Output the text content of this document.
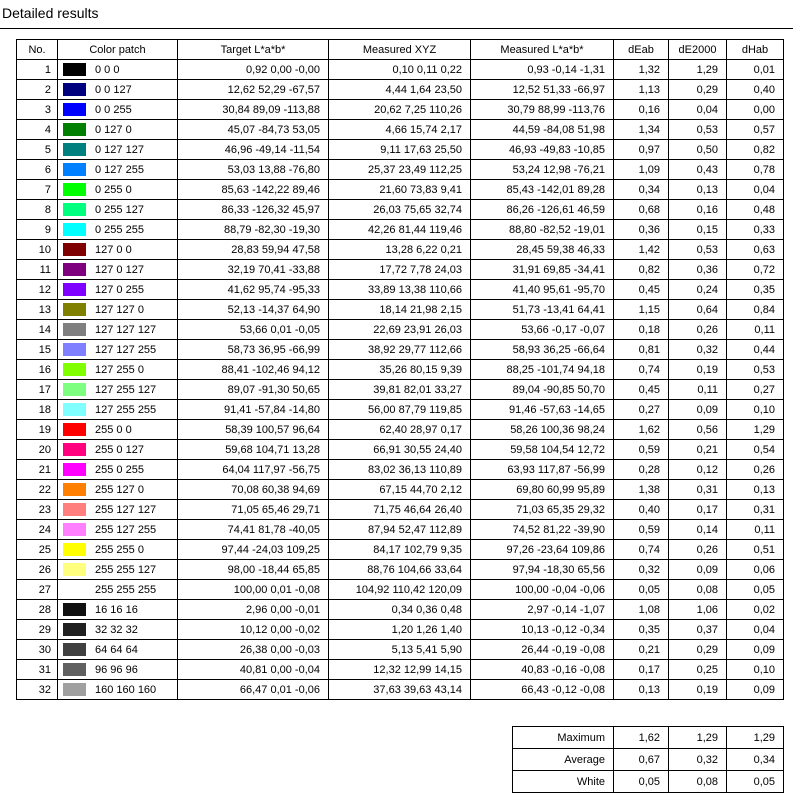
Detailed results
No.	Color patch	Target L*a*b*	Measured XYZ	Measured L*a*b*	dEab	dE2000	dHab
1	0 0 0	0,92 0,00 -0,00	0,10 0,11 0,22	0,93 -0,14 -1,31	1,32	1,29	0,01
2	0 0 127	12,62 52,29 -67,57	4,44 1,64 23,50	12,52 51,33 -66,97	1,13	0,29	0,40
3	0 0 255	30,84 89,09 -113,88	20,62 7,25 110,26	30,79 88,99 -113,76	0,16	0,04	0,00
4	0 127 0	45,07 -84,73 53,05	4,66 15,74 2,17	44,59 -84,08 51,98	1,34	0,53	0,57
5	0 127 127	46,96 -49,14 -11,54	9,11 17,63 25,50	46,93 -49,83 -10,85	0,97	0,50	0,82
6	0 127 255	53,03 13,88 -76,80	25,37 23,49 112,25	53,24 12,98 -76,21	1,09	0,43	0,78
7	0 255 0	85,63 -142,22 89,46	21,60 73,83 9,41	85,43 -142,01 89,28	0,34	0,13	0,04
8	0 255 127	86,33 -126,32 45,97	26,03 75,65 32,74	86,26 -126,61 46,59	0,68	0,16	0,48
9	0 255 255	88,79 -82,30 -19,30	42,26 81,44 119,46	88,80 -82,52 -19,01	0,36	0,15	0,33
10	127 0 0	28,83 59,94 47,58	13,28 6,22 0,21	28,45 59,38 46,33	1,42	0,53	0,63
11	127 0 127	32,19 70,41 -33,88	17,72 7,78 24,03	31,91 69,85 -34,41	0,82	0,36	0,72
12	127 0 255	41,62 95,74 -95,33	33,89 13,38 110,66	41,40 95,61 -95,70	0,45	0,24	0,35
13	127 127 0	52,13 -14,37 64,90	18,14 21,98 2,15	51,73 -13,41 64,41	1,15	0,64	0,84
14	127 127 127	53,66 0,01 -0,05	22,69 23,91 26,03	53,66 -0,17 -0,07	0,18	0,26	0,11
15	127 127 255	58,73 36,95 -66,99	38,92 29,77 112,66	58,93 36,25 -66,64	0,81	0,32	0,44
16	127 255 0	88,41 -102,46 94,12	35,26 80,15 9,39	88,25 -101,74 94,18	0,74	0,19	0,53
17	127 255 127	89,07 -91,30 50,65	39,81 82,01 33,27	89,04 -90,85 50,70	0,45	0,11	0,27
18	127 255 255	91,41 -57,84 -14,80	56,00 87,79 119,85	91,46 -57,63 -14,65	0,27	0,09	0,10
19	255 0 0	58,39 100,57 96,64	62,40 28,97 0,17	58,26 100,36 98,24	1,62	0,56	1,29
20	255 0 127	59,68 104,71 13,28	66,91 30,55 24,40	59,58 104,54 12,72	0,59	0,21	0,54
21	255 0 255	64,04 117,97 -56,75	83,02 36,13 110,89	63,93 117,87 -56,99	0,28	0,12	0,26
22	255 127 0	70,08 60,38 94,69	67,15 44,70 2,12	69,80 60,99 95,89	1,38	0,31	0,13
23	255 127 127	71,05 65,46 29,71	71,75 46,64 26,40	71,03 65,35 29,32	0,40	0,17	0,31
24	255 127 255	74,41 81,78 -40,05	87,94 52,47 112,89	74,52 81,22 -39,90	0,59	0,14	0,11
25	255 255 0	97,44 -24,03 109,25	84,17 102,79 9,35	97,26 -23,64 109,86	0,74	0,26	0,51
26	255 255 127	98,00 -18,44 65,85	88,76 104,66 33,64	97,94 -18,30 65,56	0,32	0,09	0,06
27	255 255 255	100,00 0,01 -0,08	104,92 110,42 120,09	100,00 -0,04 -0,06	0,05	0,08	0,05
28	16 16 16	2,96 0,00 -0,01	0,34 0,36 0,48	2,97 -0,14 -1,07	1,08	1,06	0,02
29	32 32 32	10,12 0,00 -0,02	1,20 1,26 1,40	10,13 -0,12 -0,34	0,35	0,37	0,04
30	64 64 64	26,38 0,00 -0,03	5,13 5,41 5,90	26,44 -0,19 -0,08	0,21	0,29	0,09
31	96 96 96	40,81 0,00 -0,04	12,32 12,99 14,15	40,83 -0,16 -0,08	0,17	0,25	0,10
32	160 160 160	66,47 0,01 -0,06	37,63 39,63 43,14	66,43 -0,12 -0,08	0,13	0,19	0,09
Maximum	1,62	1,29	1,29
Average	0,67	0,32	0,34
White	0,05	0,08	0,05
